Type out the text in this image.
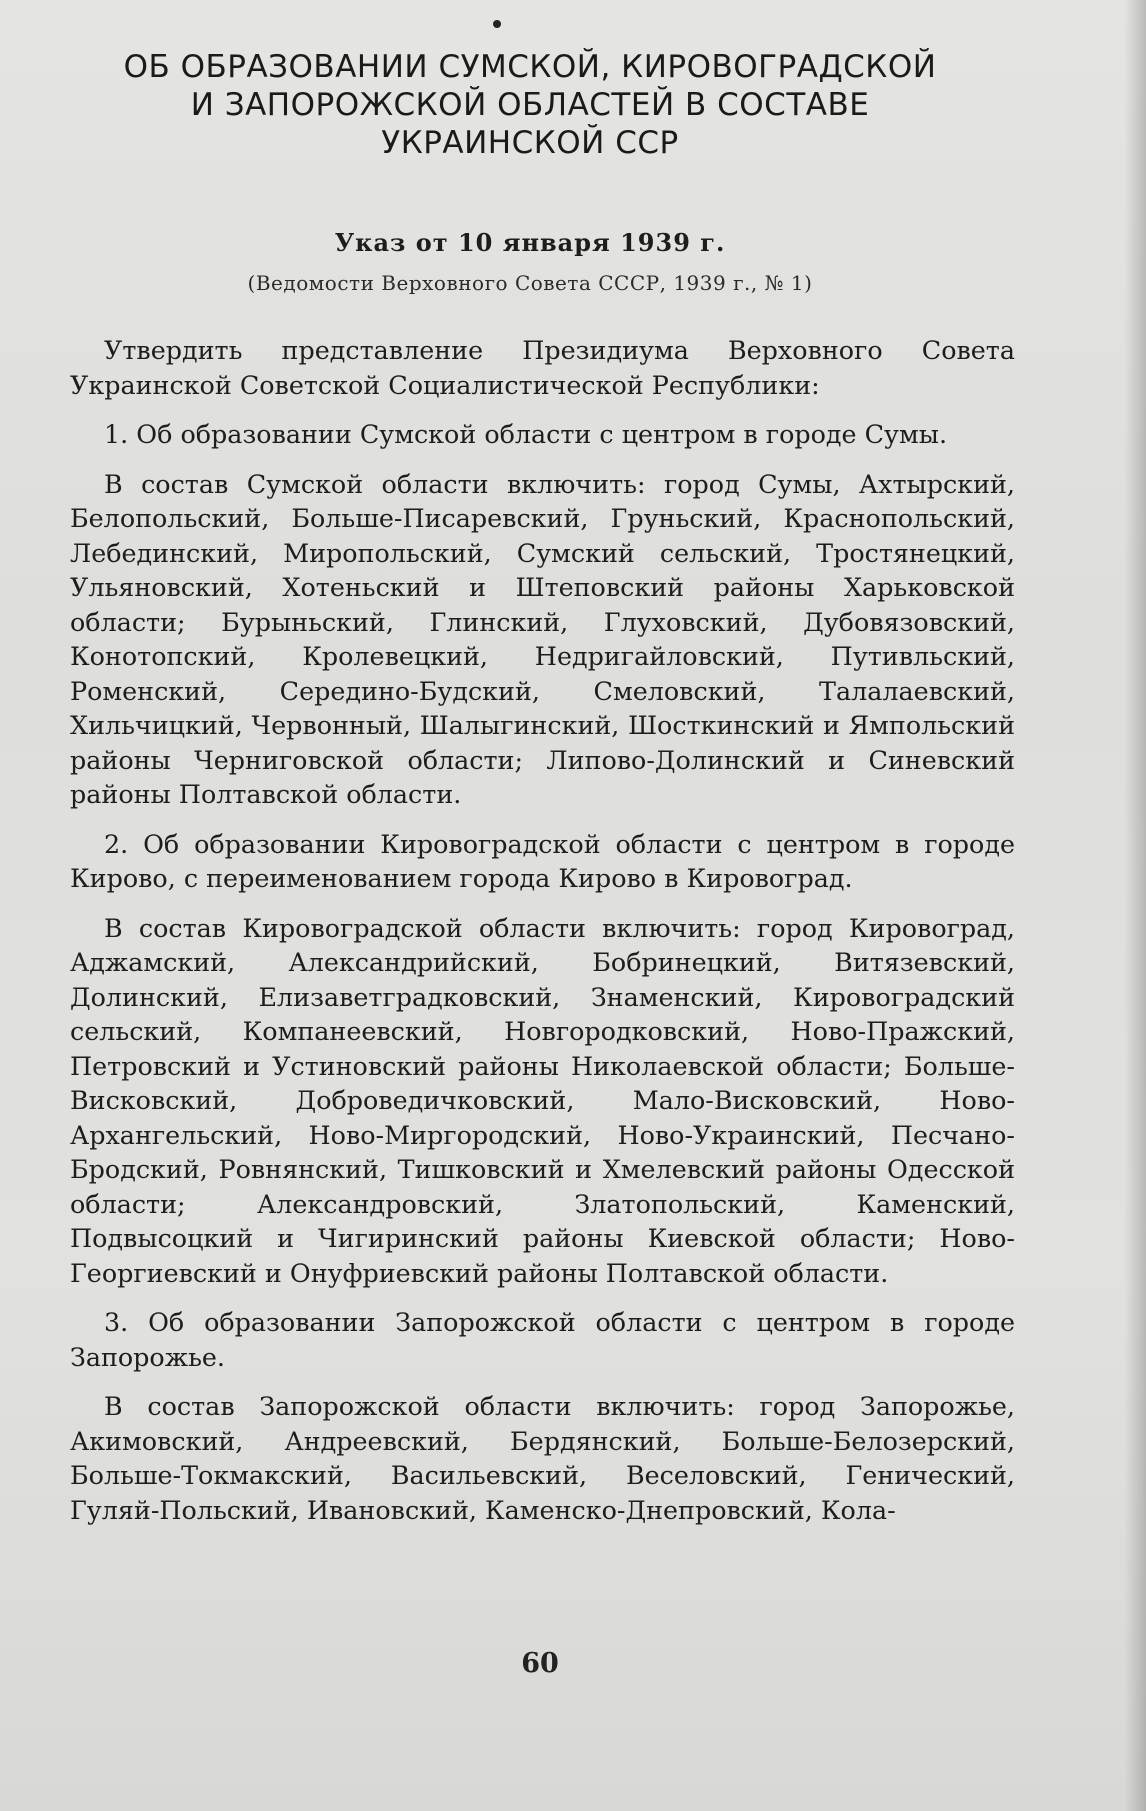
ОБ ОБРАЗОВАНИИ СУМСКОЙ, КИРОВОГРАДСКОЙ
И ЗАПОРОЖСКОЙ ОБЛАСТЕЙ В СОСТАВЕ
УКРАИНСКОЙ ССР
Указ от 10 января 1939 г.
(Ведомости Верховного Совета СССР, 1939 г., № 1)

Утвердить представление Президиума Верховного Совета Украинской Советской Социалистической Республики:

1. Об образовании Сумской области с центром в городе Сумы.

В состав Сумской области включить: город Сумы, Ахтырский, Белопольский, Больше-Писаревский, Груньский, Краснопольский, Лебединский, Миропольский, Сумский сельский, Тростянецкий, Ульяновский, Хотеньский и Штеповский районы Харьковской области; Бурыньский, Глинский, Глуховский, Дубовязовский, Конотопский, Кролевецкий, Недригайловский, Путивльский, Роменский, Середино-Будский, Смеловский, Талалаевский, Хильчицкий, Червонный, Шалыгинский, Шосткинский и Ямпольский районы Черниговской области; Липово-Долинский и Синевский районы Полтавской области.

2. Об образовании Кировоградской области с центром в городе Кирово, с переименованием города Кирово в Кировоград.

В состав Кировоградской области включить: город Кировоград, Аджамский, Александрийский, Бобринецкий, Витязевский, Долинский, Елизаветградковский, Знаменский, Кировоградский сельский, Компанеевский, Новгородковский, Ново-Пражский, Петровский и Устиновский районы Николаевской области; Больше-Висковский, Доброведичковский, Мало-Висковский, Ново-Архангельский, Ново-Миргородский, Ново-Украинский, Песчано-Бродский, Ровнянский, Тишковский и Хмелевский районы Одесской области; Александровский, Златопольский, Каменский, Подвысоцкий и Чигиринский районы Киевской области; Ново-Георгиевский и Онуфриевский районы Полтавской области.

3. Об образовании Запорожской области с центром в городе Запорожье.

В состав Запорожской области включить: город Запорожье, Акимовский, Андреевский, Бердянский, Больше-Белозерский, Больше-Токмакский, Васильевский, Веселовский, Генический, Гуляй-Польский, Ивановский, Каменско-Днепровский, Кола-

60
